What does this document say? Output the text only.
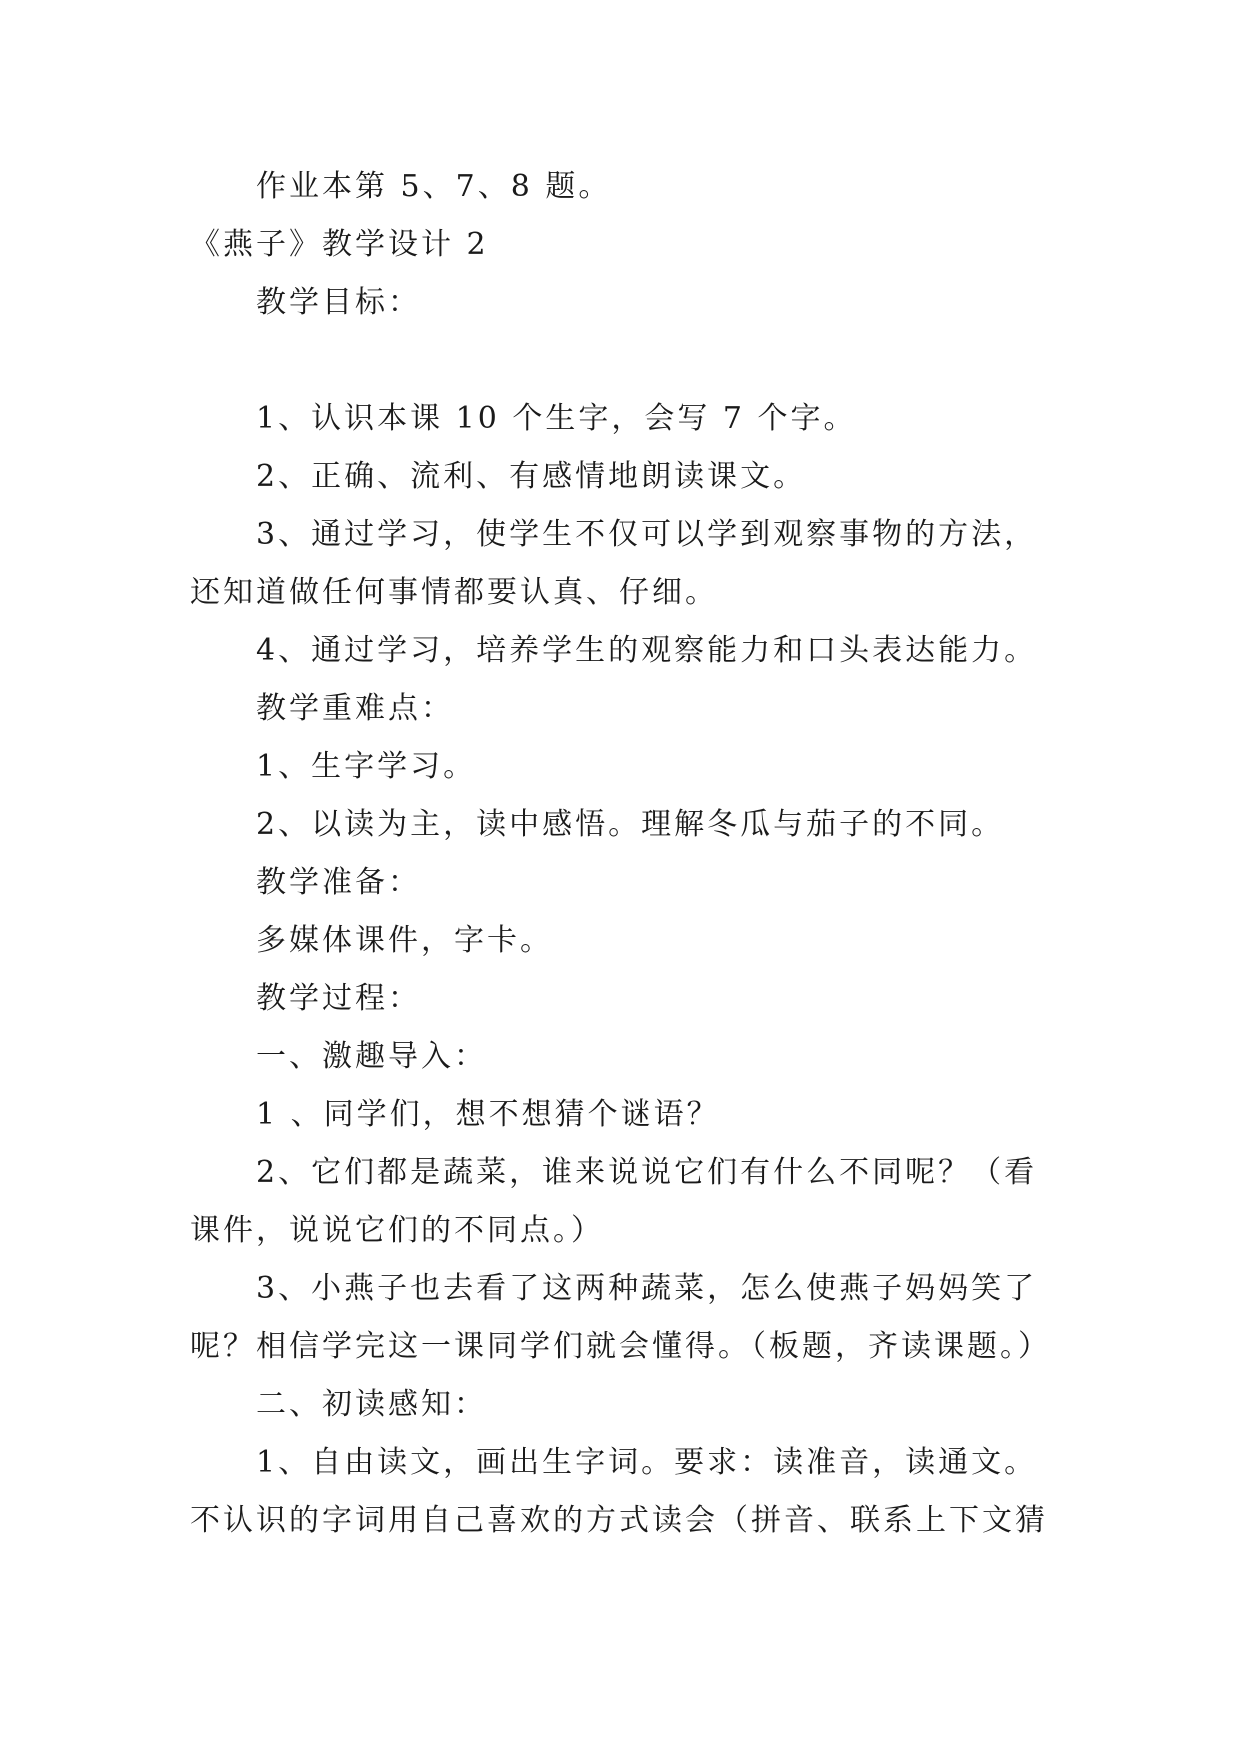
作业本第 5、7、8 题。
《燕子》教学设计 2
教学目标：
1、认识本课 10 个生字，会写 7 个字。
2、正确、流利、有感情地朗读课文。
3、通过学习，使学生不仅可以学到观察事物的方法，
还知道做任何事情都要认真、仔细。
4、通过学习，培养学生的观察能力和口头表达能力。
教学重难点：
1、生字学习。
2、以读为主，读中感悟。理解冬瓜与茄子的不同。
教学准备：
多媒体课件，字卡。
教学过程：
一、激趣导入：
1 、同学们，想不想猜个谜语？
2、它们都是蔬菜，谁来说说它们有什么不同呢？（看
课件，说说它们的不同点。）
3、小燕子也去看了这两种蔬菜，怎么使燕子妈妈笑了
呢？相信学完这一课同学们就会懂得。（板题，齐读课题。）
二、初读感知：
1、自由读文，画出生字词。要求：读准音，读通文。
不认识的字词用自己喜欢的方式读会（拼音、联系上下文猜
